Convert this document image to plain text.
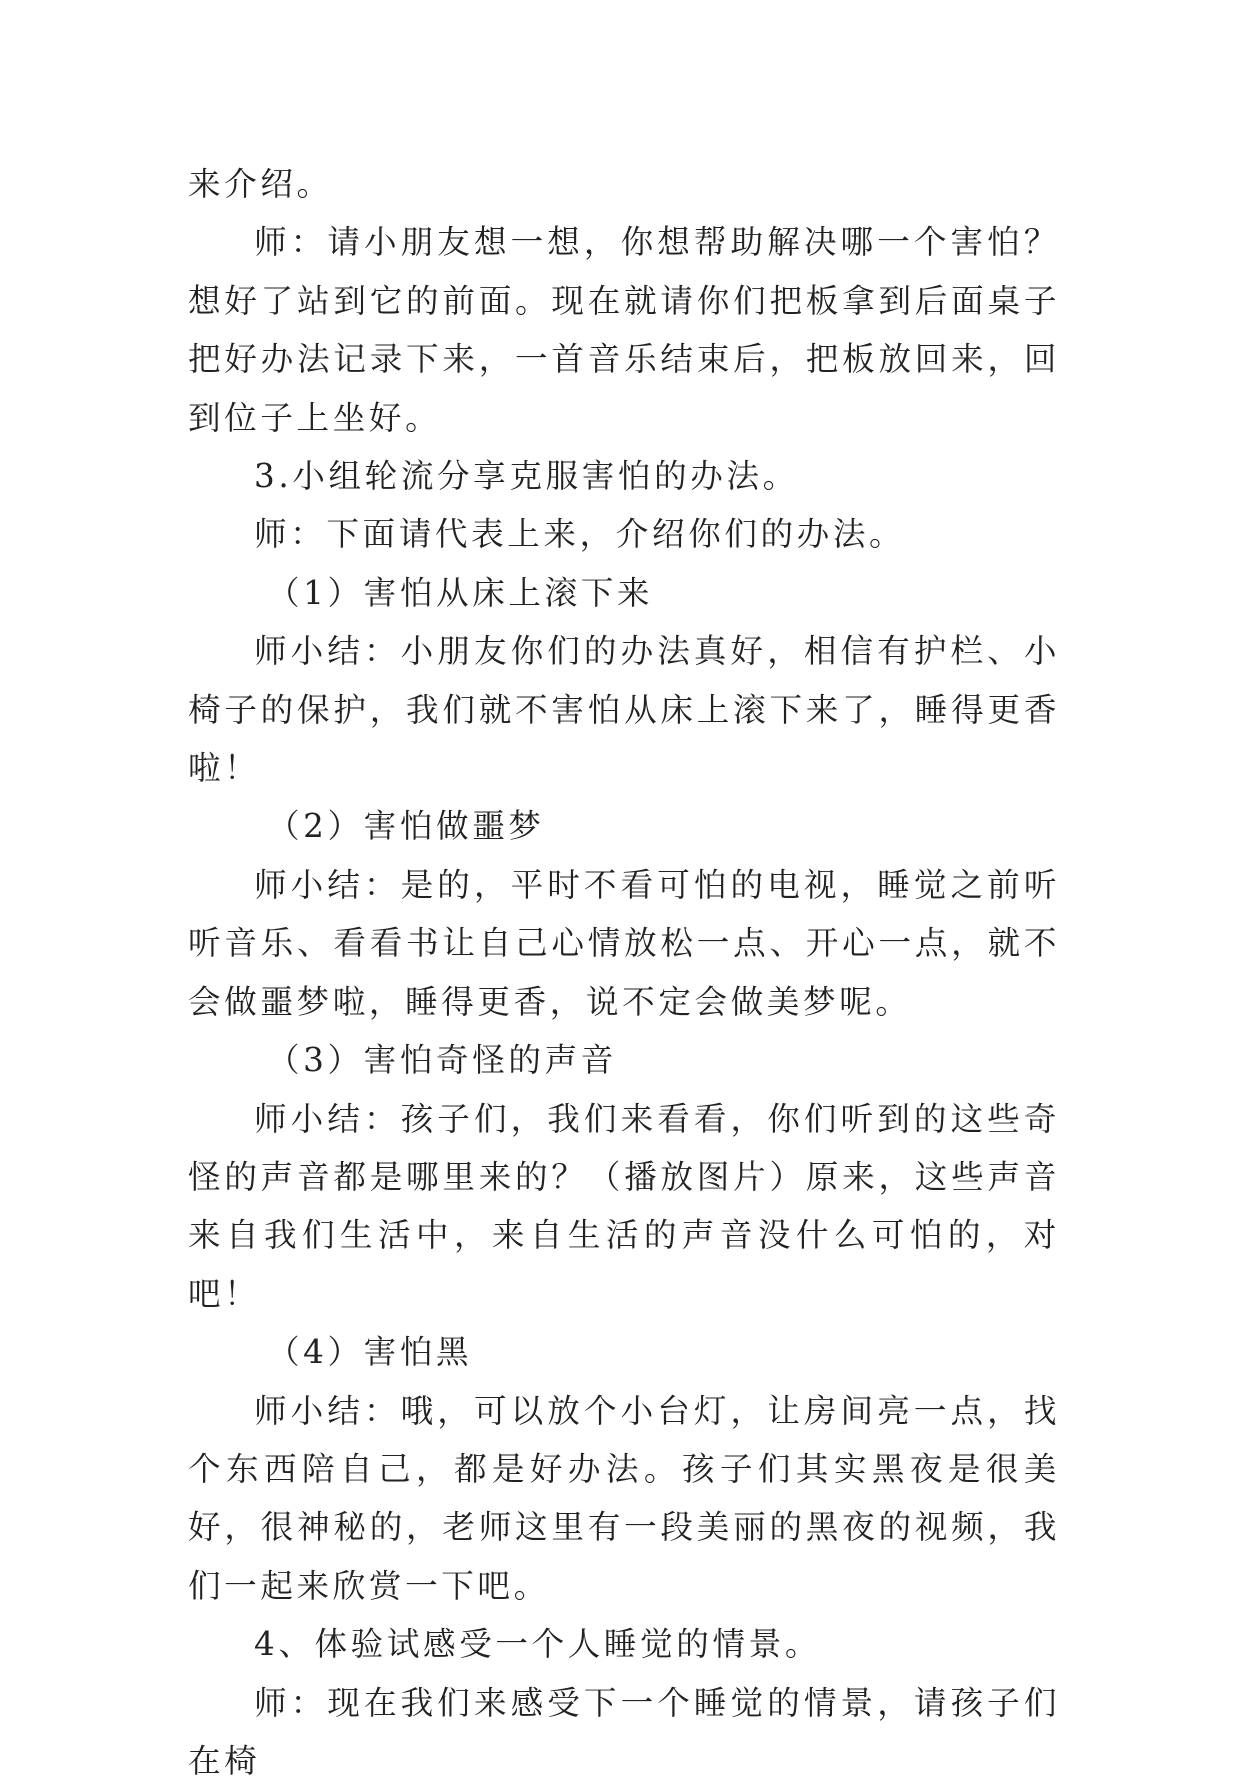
来介绍。

师：请小朋友想一想，你想帮助解决哪一个害怕？想好了站到它的前面。现在就请你们把板拿到后面桌子把好办法记录下来，一首音乐结束后，把板放回来，回到位子上坐好。

3.小组轮流分享克服害怕的办法。

师：下面请代表上来，介绍你们的办法。

（1）害怕从床上滚下来

师小结：小朋友你们的办法真好，相信有护栏、小椅子的保护，我们就不害怕从床上滚下来了，睡得更香啦！

（2）害怕做噩梦

师小结：是的，平时不看可怕的电视，睡觉之前听听音乐、看看书让自己心情放松一点、开心一点，就不会做噩梦啦，睡得更香，说不定会做美梦呢。

（3）害怕奇怪的声音

师小结：孩子们，我们来看看，你们听到的这些奇怪的声音都是哪里来的？（播放图片）原来，这些声音来自我们生活中，来自生活的声音没什么可怕的，对吧！

（4）害怕黑

师小结：哦，可以放个小台灯，让房间亮一点，找个东西陪自己，都是好办法。孩子们其实黑夜是很美好，很神秘的，老师这里有一段美丽的黑夜的视频，我们一起来欣赏一下吧。

4、体验试感受一个人睡觉的情景。

师：现在我们来感受下一个睡觉的情景，请孩子们在椅
